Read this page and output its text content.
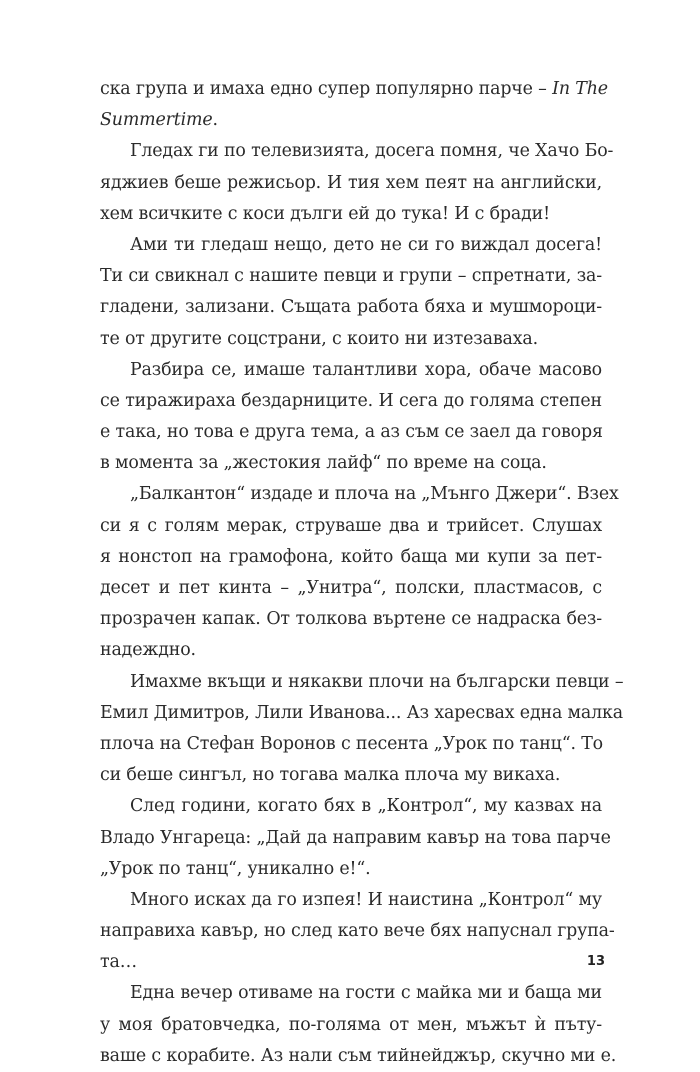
ска група и имаха едно супер популярно парче – In The
Summertime.
Гледах ги по телевизията, досега помня, че Хачо Бо-
яджиев беше режисьор. И тия хем пеят на английски,
хем всичките с коси дълги ей до тука! И с бради!
Ами ти гледаш нещо, дето не си го виждал досега!
Ти си свикнал с нашите певци и групи – спретнати, за-
гладени, зализани. Същата работа бяха и мушмороци-
те от другите соцстрани, с които ни изтезаваха.
Разбира се, имаше талантливи хора, обаче масово
се тиражираха бездарниците. И сега до голяма степен
е така, но това е друга тема, а аз съм се заел да говоря
в момента за „жестокия лайф“ по време на соца.
„Балкантон“ издаде и плоча на „Мънго Джери“. Взех
си я с голям мерак, струваше два и трийсет. Слушах
я нонстоп на грамофона, който баща ми купи за пет-
десет и пет кинта – „Унитра“, полски, пластмасов, с
прозрачен капак. От толкова въртене се надраска без-
надеждно.
Имахме вкъщи и някакви плочи на български певци –
Емил Димитров, Лили Иванова... Аз харесвах една малка
плоча на Стефан Воронов с песента „Урок по танц“. То
си беше сингъл, но тогава малка плоча му викаха.
След години, когато бях в „Контрол“, му казвах на
Владо Унгареца: „Дай да направим кавър на това парче
„Урок по танц“, уникално е!“.
Много исках да го изпея! И наистина „Контрол“ му
направиха кавър, но след като вече бях напуснал група-
та…
Една вечер отиваме на гости с майка ми и баща ми
у моя братовчедка, по-голяма от мен, мъжът ѝ пъту-
ваше с корабите. Аз нали съм тийнейджър, скучно ми е.
13
